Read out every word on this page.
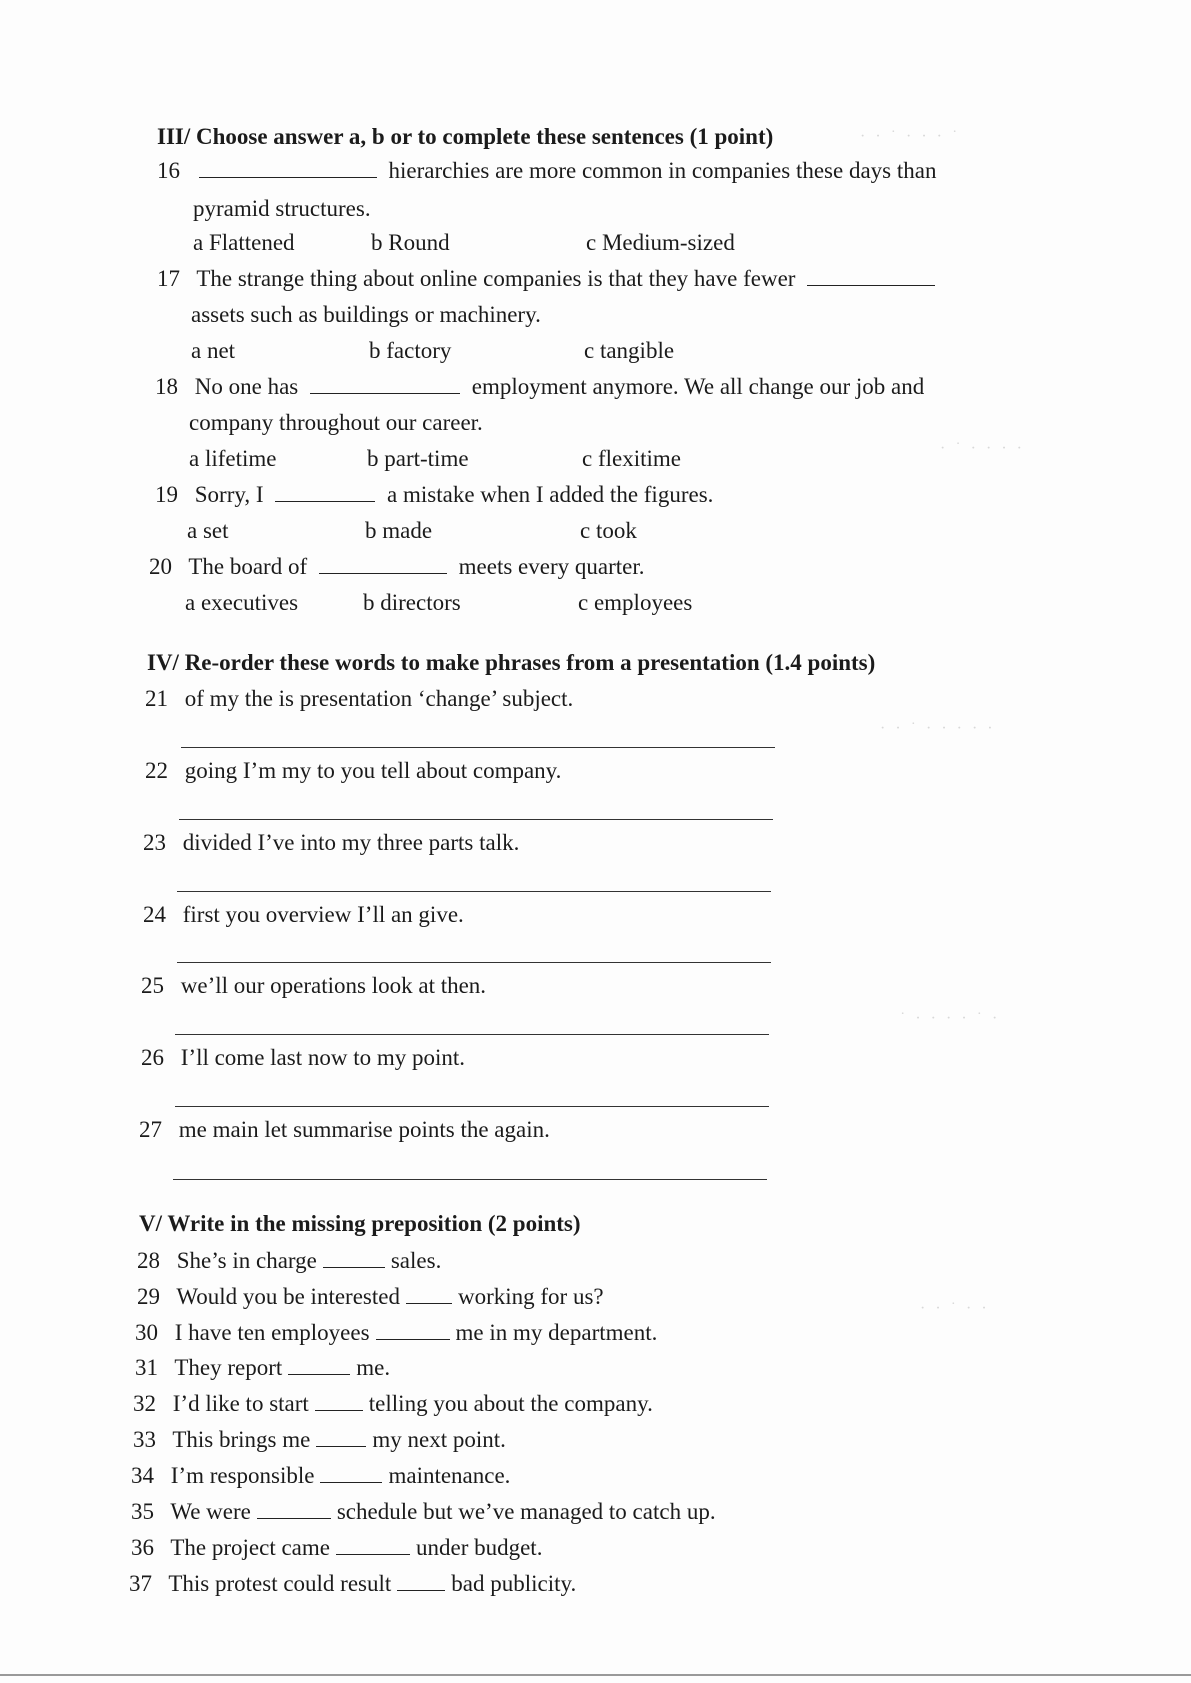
III/ Choose answer a, b or to complete these sentences (1 point)
16	hierarchies are more common in companies these days than
pyramid structures.
a Flattened	b Round	c Medium-sized
17 The strange thing about online companies is that they have fewer
assets such as buildings or machinery.
a net	b factory	c tangible
18 No one has	employment anymore. We all change our job and
company throughout our career.
a lifetime	b part-time	c flexitime
19 Sorry, I	a mistake when I added the figures.
a set	b made	c took
20 The board of	meets every quarter.
a executives	b directors	c employees
IV/ Re-order these words to make phrases from a presentation (1.4 points)
21 of my the is presentation ‘change’ subject.
22 going I’m my to you tell about company.
23 divided I’ve into my three parts talk.
24 first you overview I’ll an give.
25 we’ll our operations look at then.
26 I’ll come last now to my point.
27 me main let summarise points the again.
V/ Write in the missing preposition (2 points)
28 She’s in charge	sales.
29 Would you be interested	working for us?
30 I have ten employees	me in my department.
31 They report	me.
32 I’d like to start	telling you about the company.
33 This brings me	my next point.
34 I’m responsible	maintenance.
35 We were	schedule but we’ve managed to catch up.
36 The project came	under budget.
37 This protest could result	bad publicity.
· · ˙ · · · ˙
· ˙ · · · ·
· · ˙ · · · · ·
˙ · · · · ˙ ·
· · ˙ · ·
